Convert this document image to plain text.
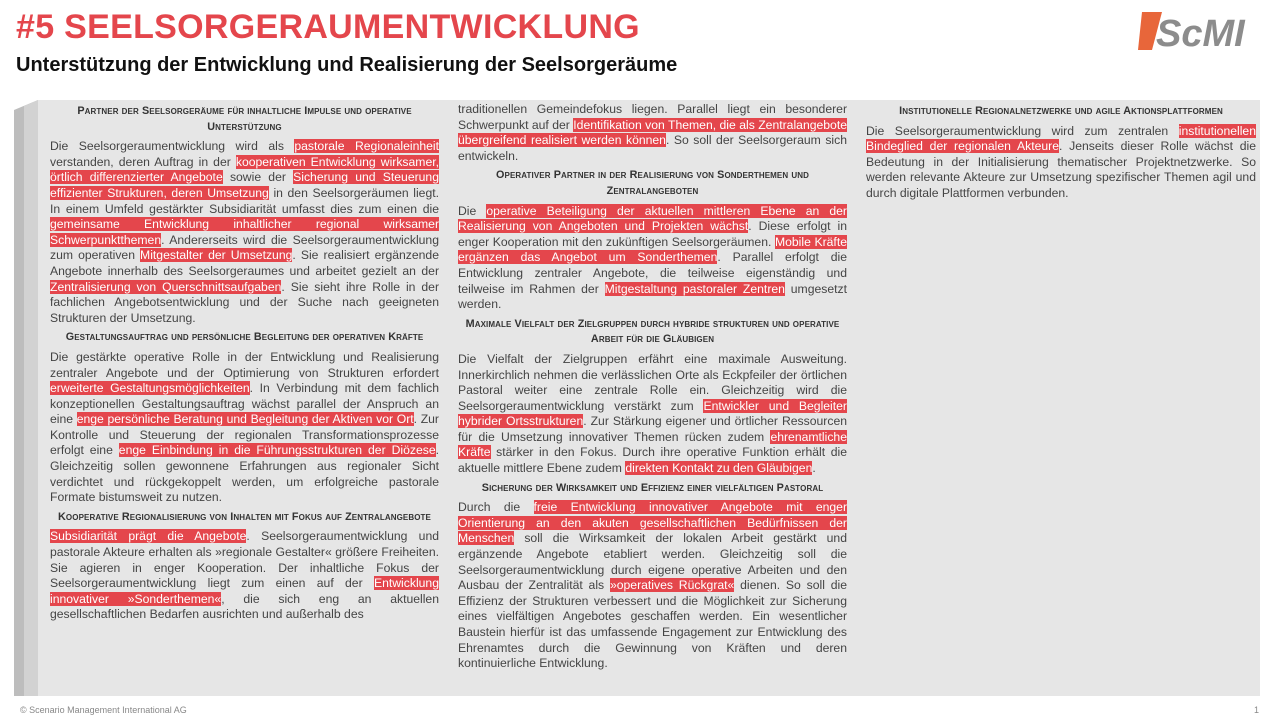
#5 SEELSORGERAUMENTWICKLUNG
Unterstützung der Entwicklung und Realisierung der Seelsorgeräume
ScMI
Partner der Seelsorgeräume für inhaltliche Impulse und operative Unterstützung

Die Seelsorgeraumentwicklung wird als pastorale Regionaleinheit verstanden, deren Auftrag in der kooperativen Entwicklung wirksamer, örtlich differenzierter Angebote sowie der Sicherung und Steuerung effizienter Strukturen, deren Umsetzung in den Seelsorgeräumen liegt. In einem Umfeld gestärkter Subsidiarität umfasst dies zum einen die gemeinsame Entwicklung inhaltlicher regional wirksamer Schwerpunktthemen. Andererseits wird die Seelsorgeraumentwicklung zum operativen Mitgestalter der Umsetzung. Sie realisiert ergänzende Angebote innerhalb des Seelsorgeraumes und arbeitet gezielt an der Zentralisierung von Querschnittsaufgaben. Sie sieht ihre Rolle in der fachlichen Angebotsentwicklung und der Suche nach geeigneten Strukturen der Umsetzung.

Gestaltungsauftrag und persönliche Begleitung der operativen Kräfte

Die gestärkte operative Rolle in der Entwicklung und Realisierung zentraler Angebote und der Optimierung von Strukturen erfordert erweiterte Gestaltungsmöglichkeiten. In Verbindung mit dem fachlich konzeptionellen Gestaltungsauftrag wächst parallel der Anspruch an eine enge persönliche Beratung und Begleitung der Aktiven vor Ort. Zur Kontrolle und Steuerung der regionalen Transformationsprozesse erfolgt eine enge Einbindung in die Führungsstrukturen der Diözese. Gleichzeitig sollen gewonnene Erfahrungen aus regionaler Sicht verdichtet und rückgekoppelt werden, um erfolgreiche pastorale Formate bistumsweit zu nutzen.

Kooperative Regionalisierung von Inhalten mit Fokus auf Zentralangebote

Subsidiarität prägt die Angebote. Seelsorgeraumentwicklung und pastorale Akteure erhalten als »regionale Gestalter« größere Freiheiten. Sie agieren in enger Kooperation. Der inhaltliche Fokus der Seelsorgeraumentwicklung liegt zum einen auf der Entwicklung innovativer »Sonderthemen«, die sich eng an aktuellen gesellschaftlichen Bedarfen ausrichten und außerhalb des

traditionellen Gemeindefokus liegen. Parallel liegt ein besonderer Schwerpunkt auf der Identifikation von Themen, die als Zentralangebote übergreifend realisiert werden können. So soll der Seelsorgeraum sich entwickeln.

Operativer Partner in der Realisierung von Sonderthemen und Zentralangeboten

Die operative Beteiligung der aktuellen mittleren Ebene an der Realisierung von Angeboten und Projekten wächst. Diese erfolgt in enger Kooperation mit den zukünftigen Seelsorgeräumen. Mobile Kräfte ergänzen das Angebot um Sonderthemen. Parallel erfolgt die Entwicklung zentraler Angebote, die teilweise eigenständig und teilweise im Rahmen der Mitgestaltung pastoraler Zentren umgesetzt werden.

Maximale Vielfalt der Zielgruppen durch hybride strukturen und operative Arbeit für die Gläubigen

Die Vielfalt der Zielgruppen erfährt eine maximale Ausweitung. Innerkirchlich nehmen die verlässlichen Orte als Eckpfeiler der örtlichen Pastoral weiter eine zentrale Rolle ein. Gleichzeitig wird die Seelsorgeraumentwicklung verstärkt zum Entwickler und Begleiter hybrider Ortsstrukturen. Zur Stärkung eigener und örtlicher Ressourcen für die Umsetzung innovativer Themen rücken zudem ehrenamtliche Kräfte stärker in den Fokus. Durch ihre operative Funktion erhält die aktuelle mittlere Ebene zudem direkten Kontakt zu den Gläubigen.

Sicherung der Wirksamkeit und Effizienz einer vielfältigen Pastoral

Durch die freie Entwicklung innovativer Angebote mit enger Orientierung an den akuten gesellschaftlichen Bedürfnissen der Menschen soll die Wirksamkeit der lokalen Arbeit gestärkt und ergänzende Angebote etabliert werden. Gleichzeitig soll die Seelsorgeraumentwicklung durch eigene operative Arbeiten und den Ausbau der Zentralität als »operatives Rückgrat« dienen. So soll die Effizienz der Strukturen verbessert und die Möglichkeit zur Sicherung eines vielfältigen Angebotes geschaffen werden. Ein wesentlicher Baustein hierfür ist das umfassende Engagement zur Entwicklung des Ehrenamtes durch die Gewinnung von Kräften und deren kontinuierliche Entwicklung.

Institutionelle Regionalnetzwerke und agile Aktionsplattformen

Die Seelsorgeraumentwicklung wird zum zentralen institutionellen Bindeglied der regionalen Akteure. Jenseits dieser Rolle wächst die Bedeutung in der Initialisierung thematischer Projektnetzwerke. So werden relevante Akteure zur Umsetzung spezifischer Themen agil und durch digitale Plattformen verbunden.

© Scenario Management International AG	1
